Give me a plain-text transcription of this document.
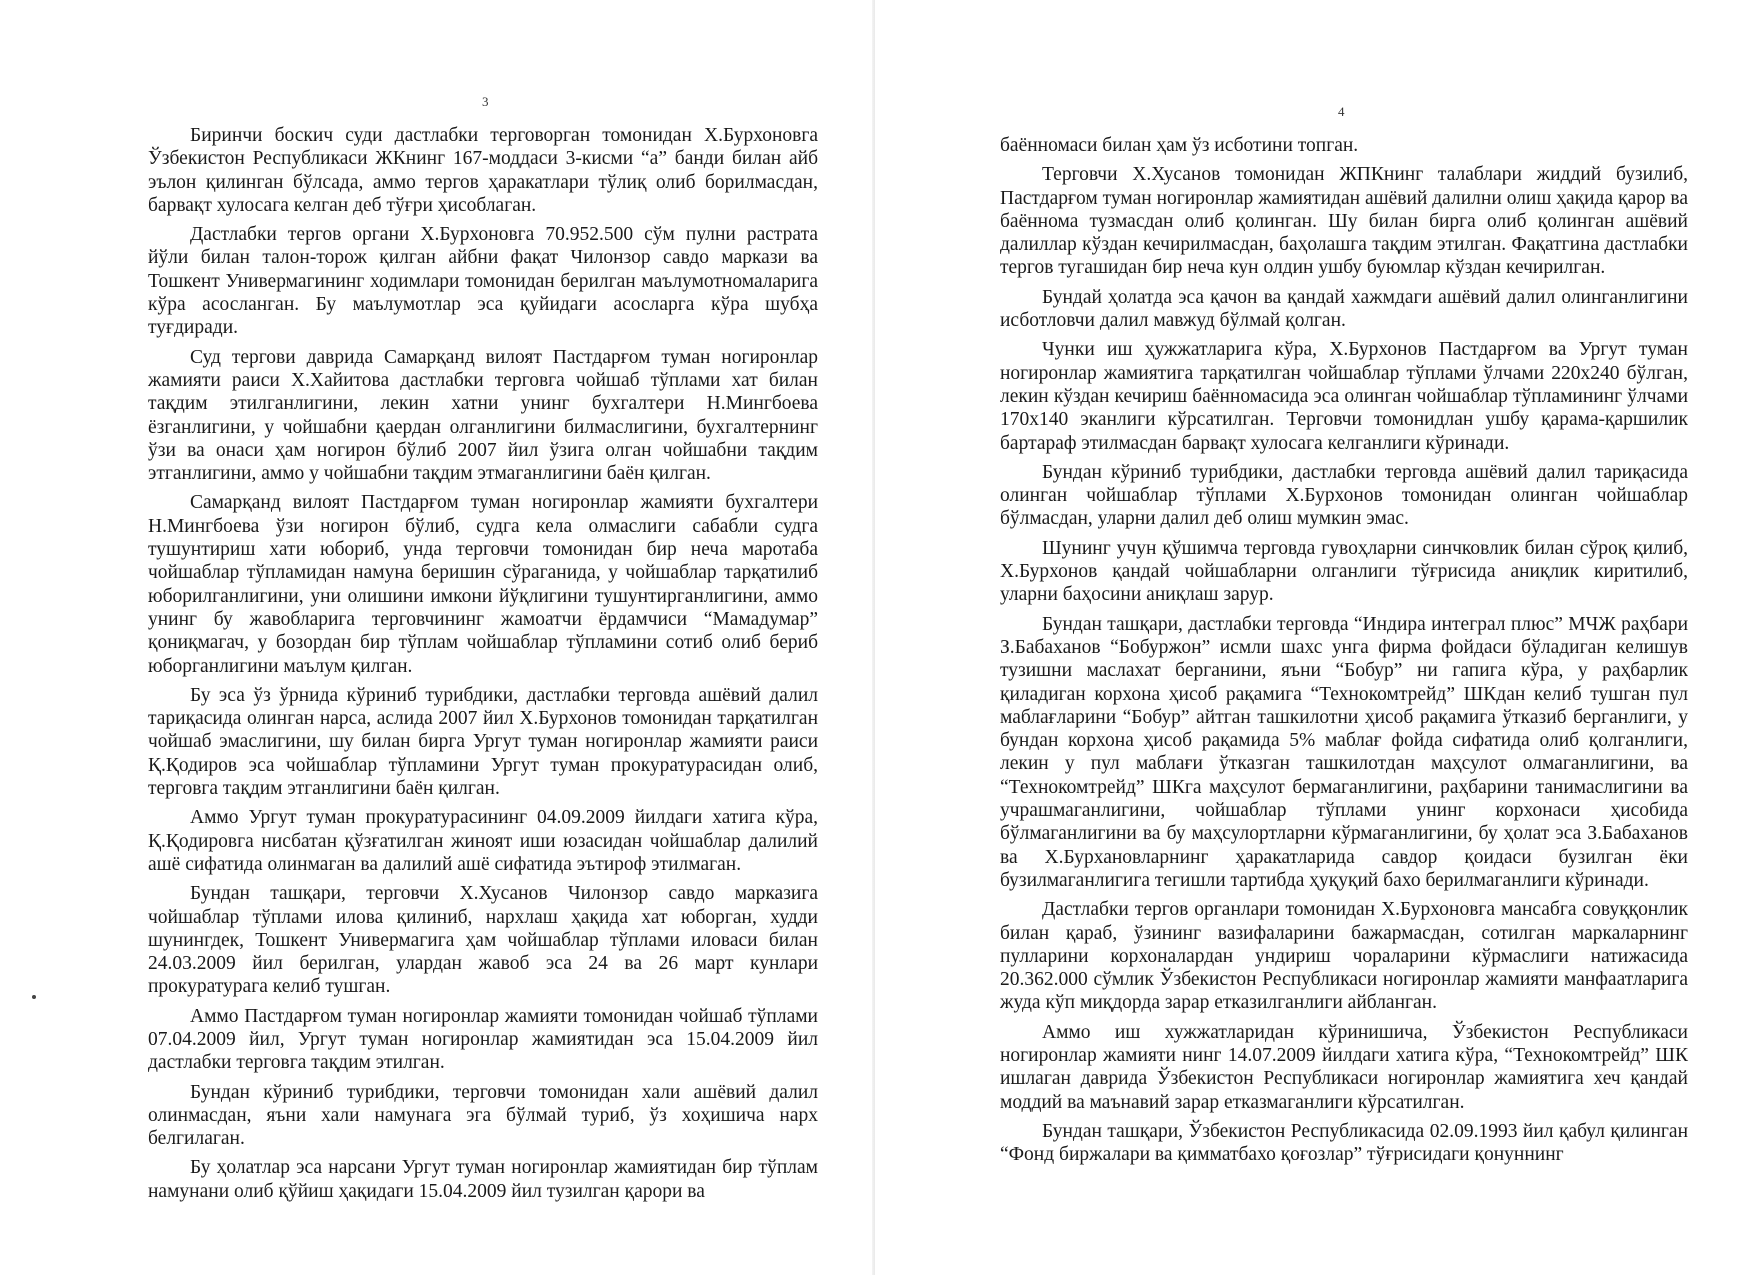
3

Биринчи боскич суди дастлабки терговорган томонидан Х.Бурхоновга Ўзбекистон Республикаси ЖКнинг 167-моддаси 3-кисми “а” банди билан айб эълон қилинган бўлсада, аммо тергов ҳаракатлари тўлиқ олиб борилмасдан, барвақт хулосага келган деб тўғри ҳисоблаган.

Дастлабки тергов органи Х.Бурхоновга 70.952.500 сўм пулни растрата йўли билан талон-торож қилган айбни фақат Чилонзор савдо маркази ва Тошкент Универмагининг ходимлари томонидан берилган маълумотномаларига кўра асосланган. Бу маълумотлар эса қуйидаги асосларга кўра шубҳа туғдиради.

Суд тергови даврида Самарқанд вилоят Пастдарғом туман ногиронлар жамияти раиси Х.Хайитова дастлабки терговга чойшаб тўплами хат билан тақдим этилганлигини, лекин хатни унинг бухгалтери Н.Мингбоева ёзганлигини, у чойшабни қаердан олганлигини билмаслигини, бухгалтернинг ўзи ва онаси ҳам ногирон бўлиб 2007 йил ўзига олган чойшабни тақдим этганлигини, аммо у чойшабни тақдим этмаганлигини баён қилган.

Самарқанд вилоят Пастдарғом туман ногиронлар жамияти бухгалтери Н.Мингбоева ўзи ногирон бўлиб, судга кела олмаслиги сабабли судга тушунтириш хати юбориб, унда терговчи томонидан бир неча маротаба чойшаблар тўпламидан намуна беришин сўраганида, у чойшаблар тарқатилиб юборилганлигини, уни олишини имкони йўқлигини тушунтирганлигини, аммо унинг бу жавобларига терговчининг жамоатчи ёрдамчиси “Мамадумар” қониқмагач, у бозордан бир тўплам чойшаблар тўпламини сотиб олиб бериб юборганлигини маълум қилган.

Бу эса ўз ўрнида кўриниб турибдики, дастлабки терговда ашёвий далил тариқасида олинган нарса, аслида 2007 йил Х.Бурхонов томонидан тарқатилган чойшаб эмаслигини, шу билан бирга Ургут туман ногиронлар жамияти раиси Қ.Қодиров эса чойшаблар тўпламини Ургут туман прокуратурасидан олиб, терговга тақдим этганлигини баён қилган.

Аммо Ургут туман прокуратурасининг 04.09.2009 йилдаги хатига кўра, Қ.Қодировга нисбатан қўзғатилган жиноят иши юзасидан чойшаблар далилий ашё сифатида олинмаган ва далилий ашё сифатида эътироф этилмаган.

Бундан ташқари, терговчи Х.Хусанов Чилонзор савдо марказига чойшаблар тўплами илова қилиниб, нархлаш ҳақида хат юборган, худди шунингдек, Тошкент Универмагига ҳам чойшаблар тўплами иловаси билан 24.03.2009 йил берилган, улардан жавоб эса 24 ва 26 март кунлари прокуратурага келиб тушган.

Аммо Пастдарғом туман ногиронлар жамияти томонидан чойшаб тўплами 07.04.2009 йил, Ургут туман ногиронлар жамиятидан эса 15.04.2009 йил дастлабки терговга тақдим этилган.

Бундан кўриниб турибдики, терговчи томонидан хали ашёвий далил олинмасдан, яъни хали намунага эга бўлмай туриб, ўз хоҳишича нарх белгилаган.

Бу ҳолатлар эса нарсани Ургут туман ногиронлар жамиятидан бир тўплам намунани олиб қўйиш ҳақидаги 15.04.2009 йил тузилган қарори ва

4

баённомаси билан ҳам ўз исботини топган.

Терговчи Х.Хусанов томонидан ЖПКнинг талаблари жиддий бузилиб, Пастдарғом туман ногиронлар жамиятидан ашёвий далилни олиш ҳақида қарор ва баённома тузмасдан олиб қолинган. Шу билан бирга олиб қолинган ашёвий далиллар кўздан кечирилмасдан, баҳолашга тақдим этилган. Фақатгина дастлабки тергов тугашидан бир неча кун олдин ушбу буюмлар кўздан кечирилган.

Бундай ҳолатда эса қачон ва қандай хажмдаги ашёвий далил олинганлигини исботловчи далил мавжуд бўлмай қолган.

Чунки иш ҳужжатларига кўра, Х.Бурхонов Пастдарғом ва Ургут туман ногиронлар жамиятига тарқатилган чойшаблар тўплами ўлчами 220х240 бўлган, лекин кўздан кечириш баённомасида эса олинган чойшаблар тўпламининг ўлчами 170х140 эканлиги кўрсатилган. Терговчи томонидлан ушбу қарама-қаршилик бартараф этилмасдан барвақт хулосага келганлиги кўринади.

Бундан кўриниб турибдики, дастлабки терговда ашёвий далил тариқасида олинган чойшаблар тўплами Х.Бурхонов томонидан олинган чойшаблар бўлмасдан, уларни далил деб олиш мумкин эмас.

Шунинг учун қўшимча терговда гувоҳларни синчковлик билан сўроқ қилиб, Х.Бурхонов қандай чойшабларни олганлиги тўғрисида аниқлик киритилиб, уларни баҳосини аниқлаш зарур.

Бундан ташқари, дастлабки терговда “Индира интеграл плюс” МЧЖ раҳбари З.Бабаханов “Бобуржон” исмли шахс унга фирма фойдаси бўладиган келишув тузишни маслахат берганини, яъни “Бобур” ни гапига кўра, у раҳбарлик қиладиган корхона ҳисоб рақамига “Технокомтрейд” ШКдан келиб тушган пул маблағларини “Бобур” айтган ташкилотни ҳисоб рақамига ўтказиб берганлиги, у бундан корхона ҳисоб рақамида 5% маблағ фойда сифатида олиб қолганлиги, лекин у пул маблағи ўтказган ташкилотдан маҳсулот олмаганлигини, ва “Технокомтрейд” ШКга маҳсулот бермаганлигини, раҳбарини танимаслигини ва учрашмаганлигини, чойшаблар тўплами унинг корхонаси ҳисобида бўлмаганлигини ва бу маҳсулортларни кўрмаганлигини, бу ҳолат эса З.Бабаханов ва Х.Бурхановларнинг ҳаракатларида савдор қоидаси бузилган ёки бузилмаганлигига тегишли тартибда ҳуқуқий бахо берилмаганлиги кўринади.

Дастлабки тергов органлари томонидан Х.Бурхоновга мансабга совуққонлик билан қараб, ўзининг вазифаларини бажармасдан, сотилган маркаларнинг пулларини корхоналардан ундириш чораларини кўрмаслиги натижасида 20.362.000 сўмлик Ўзбекистон Республикаси ногиронлар жамияти манфаатларига жуда кўп миқдорда зарар етказилганлиги айбланган.

Аммо иш хужжатларидан кўринишича, Ўзбекистон Республикаси ногиронлар жамияти нинг 14.07.2009 йилдаги хатига кўра, “Технокомтрейд” ШК ишлаган даврида Ўзбекистон Республикаси ногиронлар жамиятига хеч қандай моддий ва маънавий зарар етказмаганлиги кўрсатилган.

Бундан ташқари, Ўзбекистон Республикасида 02.09.1993 йил қабул қилинган “Фонд биржалари ва қимматбахо қоғозлар” тўғрисидаги қонуннинг
